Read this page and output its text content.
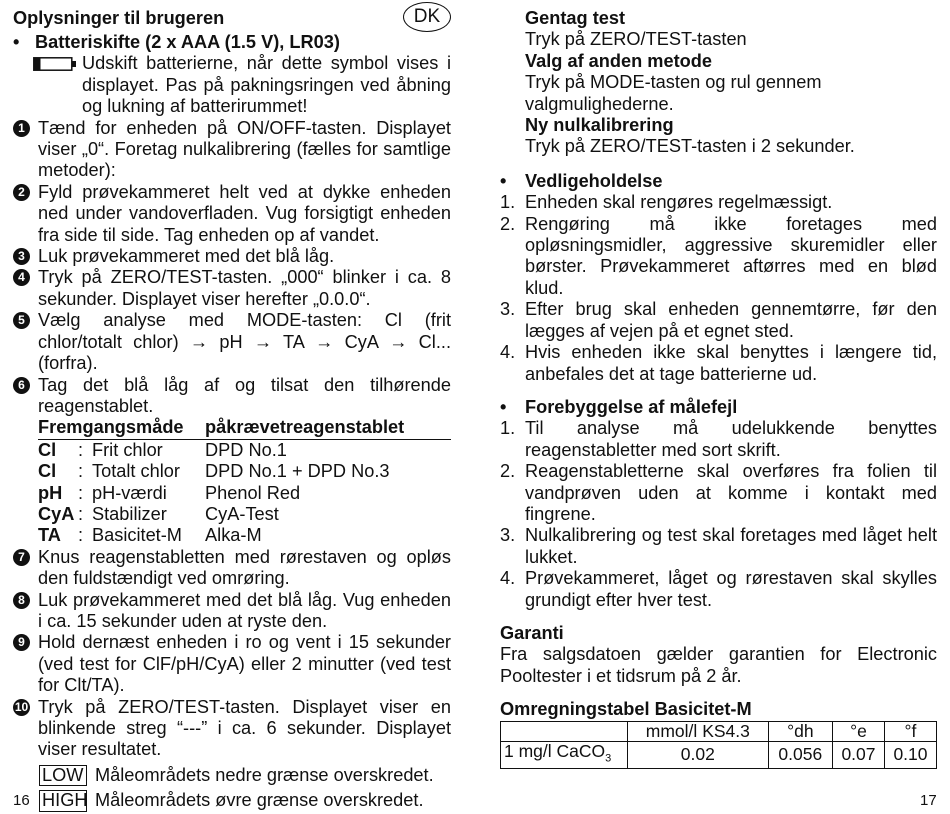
Oplysninger til brugeren	DK
• Batteriskifte (2 x AAA (1.5 V), LR03)
Udskift batterierne, når dette symbol vises i displayet. Pas på pakningsringen ved åbning og lukning af batterirummet!
1 Tænd for enheden på ON/OFF-tasten. Displayet viser „0“. Foretag nulkalibrering (fælles for samtlige metoder):
2 Fyld prøvekammeret helt ved at dykke enheden ned under vandoverfladen. Vug forsigtigt enheden fra side til side. Tag enheden op af vandet.
3 Luk prøvekammeret med det blå låg.
4 Tryk på ZERO/TEST-tasten. „000“ blinker i ca. 8 sekunder. Displayet viser herefter „0.0.0“.
5 Vælg analyse med MODE-tasten: Cl (frit chlor/totalt chlor) → pH → TA → CyA → Cl... (forfra).
6 Tag det blå låg af og tilsat den tilhørende reagenstablet.
Fremgangsmåde			påkrævetreagenstablet
Cl	:	Frit chlor	DPD No.1
Cl	:	Totalt chlor	DPD No.1 + DPD No.3
pH	:	pH-værdi	Phenol Red
CyA	:	Stabilizer	CyA-Test
TA	:	Basicitet-M	Alka-M
7 Knus reagenstabletten med rørestaven og opløs den fuldstændigt ved omrøring.
8 Luk prøvekammeret med det blå låg. Vug enheden i ca. 15 sekunder uden at ryste den.
9 Hold dernæst enheden i ro og vent i 15 sekunder (ved test for ClF/pH/CyA) eller 2 minutter (ved test for Clt/TA).
10 Tryk på ZERO/TEST-tasten. Displayet viser en blinkende streg “---” i ca. 6 sekunder. Displayet viser resultatet.
LOW Måleområdets nedre grænse overskredet.
HIGH Måleområdets øvre grænse overskredet.
16
Gentag test
Tryk på ZERO/TEST-tasten
Valg af anden metode
Tryk på MODE-tasten og rul gennem valgmulighederne.
Ny nulkalibrering
Tryk på ZERO/TEST-tasten i 2 sekunder.
•	Vedligeholdelse
1. Enheden skal rengøres regelmæssigt.
2. Rengøring må ikke foretages med opløsningsmidler, aggressive skuremidler eller børster. Prøvekammeret aftørres med en blød klud.
3. Efter brug skal enheden gennemtørre, før den lægges af vejen på et egnet sted.
4. Hvis enheden ikke skal benyttes i længere tid, anbefales det at tage batterierne ud.
•	Forebyggelse af målefejl
1. Til analyse må udelukkende benyttes reagenstabletter med sort skrift.
2. Reagenstabletterne skal overføres fra folien til vandprøven uden at komme i kontakt med fingrene.
3. Nulkalibrering og test skal foretages med låget helt lukket.
4. Prøvekammeret, låget og rørestaven skal skylles grundigt efter hver test.
Garanti
Fra salgsdatoen gælder garantien for Electronic Pooltester i et tidsrum på 2 år.
Omregningstabel Basicitet-M
	mmol/l KS4.3	°dh	°e	°f
1 mg/l CaCO$_3$	0.02	0.056	0.07	0.10
17
